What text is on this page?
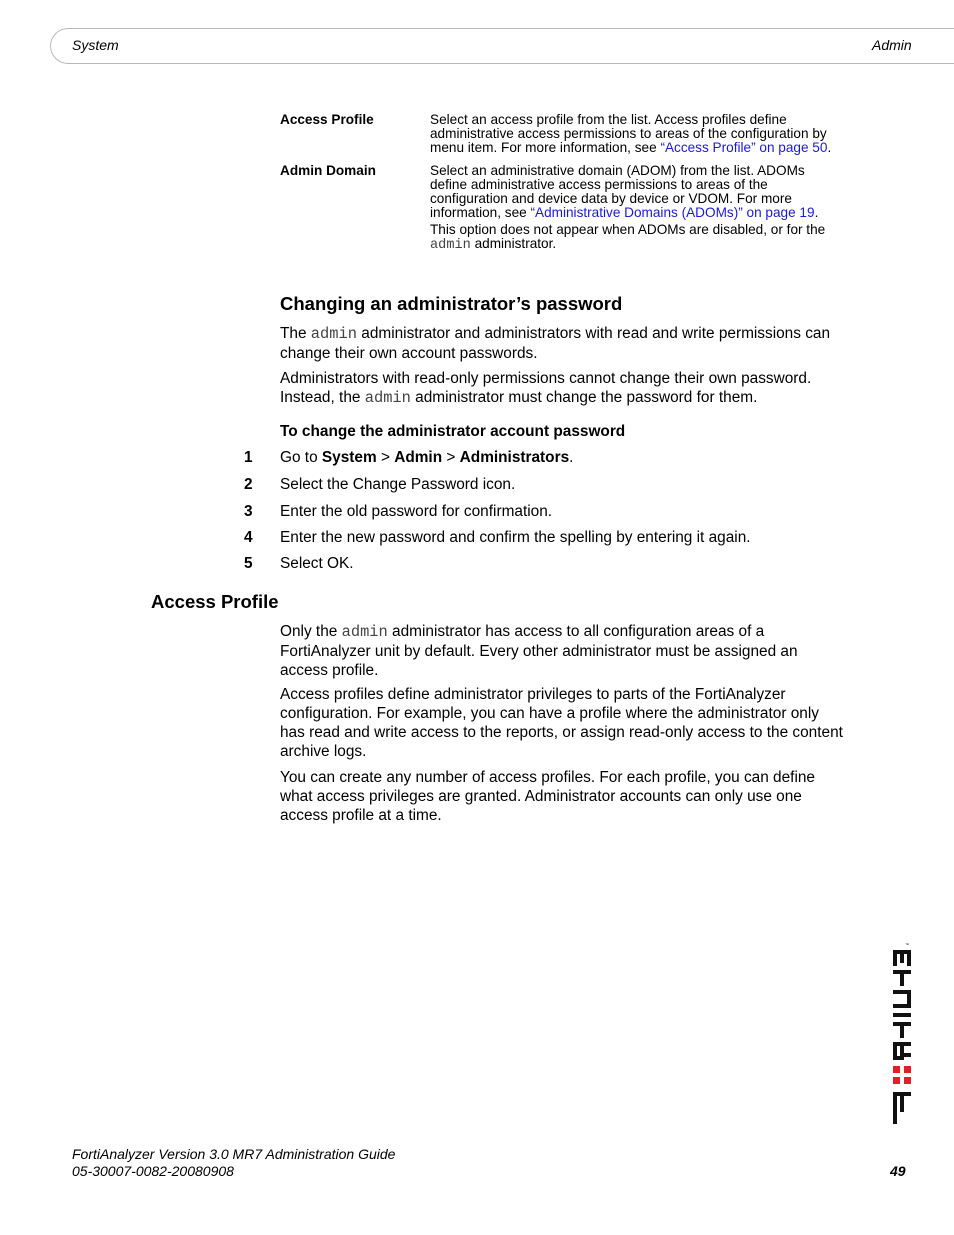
System	Admin
Access Profile	Select an access profile from the list. Access profiles define administrative access permissions to areas of the configuration by menu item. For more information, see “Access Profile” on page 50.

Admin Domain	Select an administrative domain (ADOM) from the list. ADOMs define administrative access permissions to areas of the configuration and device data by device or VDOM. For more information, see “Administrative Domains (ADOMs)” on page 19.

This option does not appear when ADOMs are disabled, or for the admin administrator.

Changing an administrator’s password
The admin administrator and administrators with read and write permissions can change their own account passwords.
Administrators with read-only permissions cannot change their own password. Instead, the admin administrator must change the password for them.
To change the administrator account password
1 Go to System > Admin > Administrators.
2 Select the Change Password icon.
3 Enter the old password for confirmation.
4 Enter the new password and confirm the spelling by entering it again.
5 Select OK.
Access Profile
Only the admin administrator has access to all configuration areas of a FortiAnalyzer unit by default. Every other administrator must be assigned an access profile.
Access profiles define administrator privileges to parts of the FortiAnalyzer configuration. For example, you can have a profile where the administrator only has read and write access to the reports, or assign read-only access to the content archive logs.
You can create any number of access profiles. For each profile, you can define what access privileges are granted. Administrator accounts can only use one access profile at a time.
™
FortiAnalyzer Version 3.0 MR7 Administration Guide
05-30007-0082-20080908	49
